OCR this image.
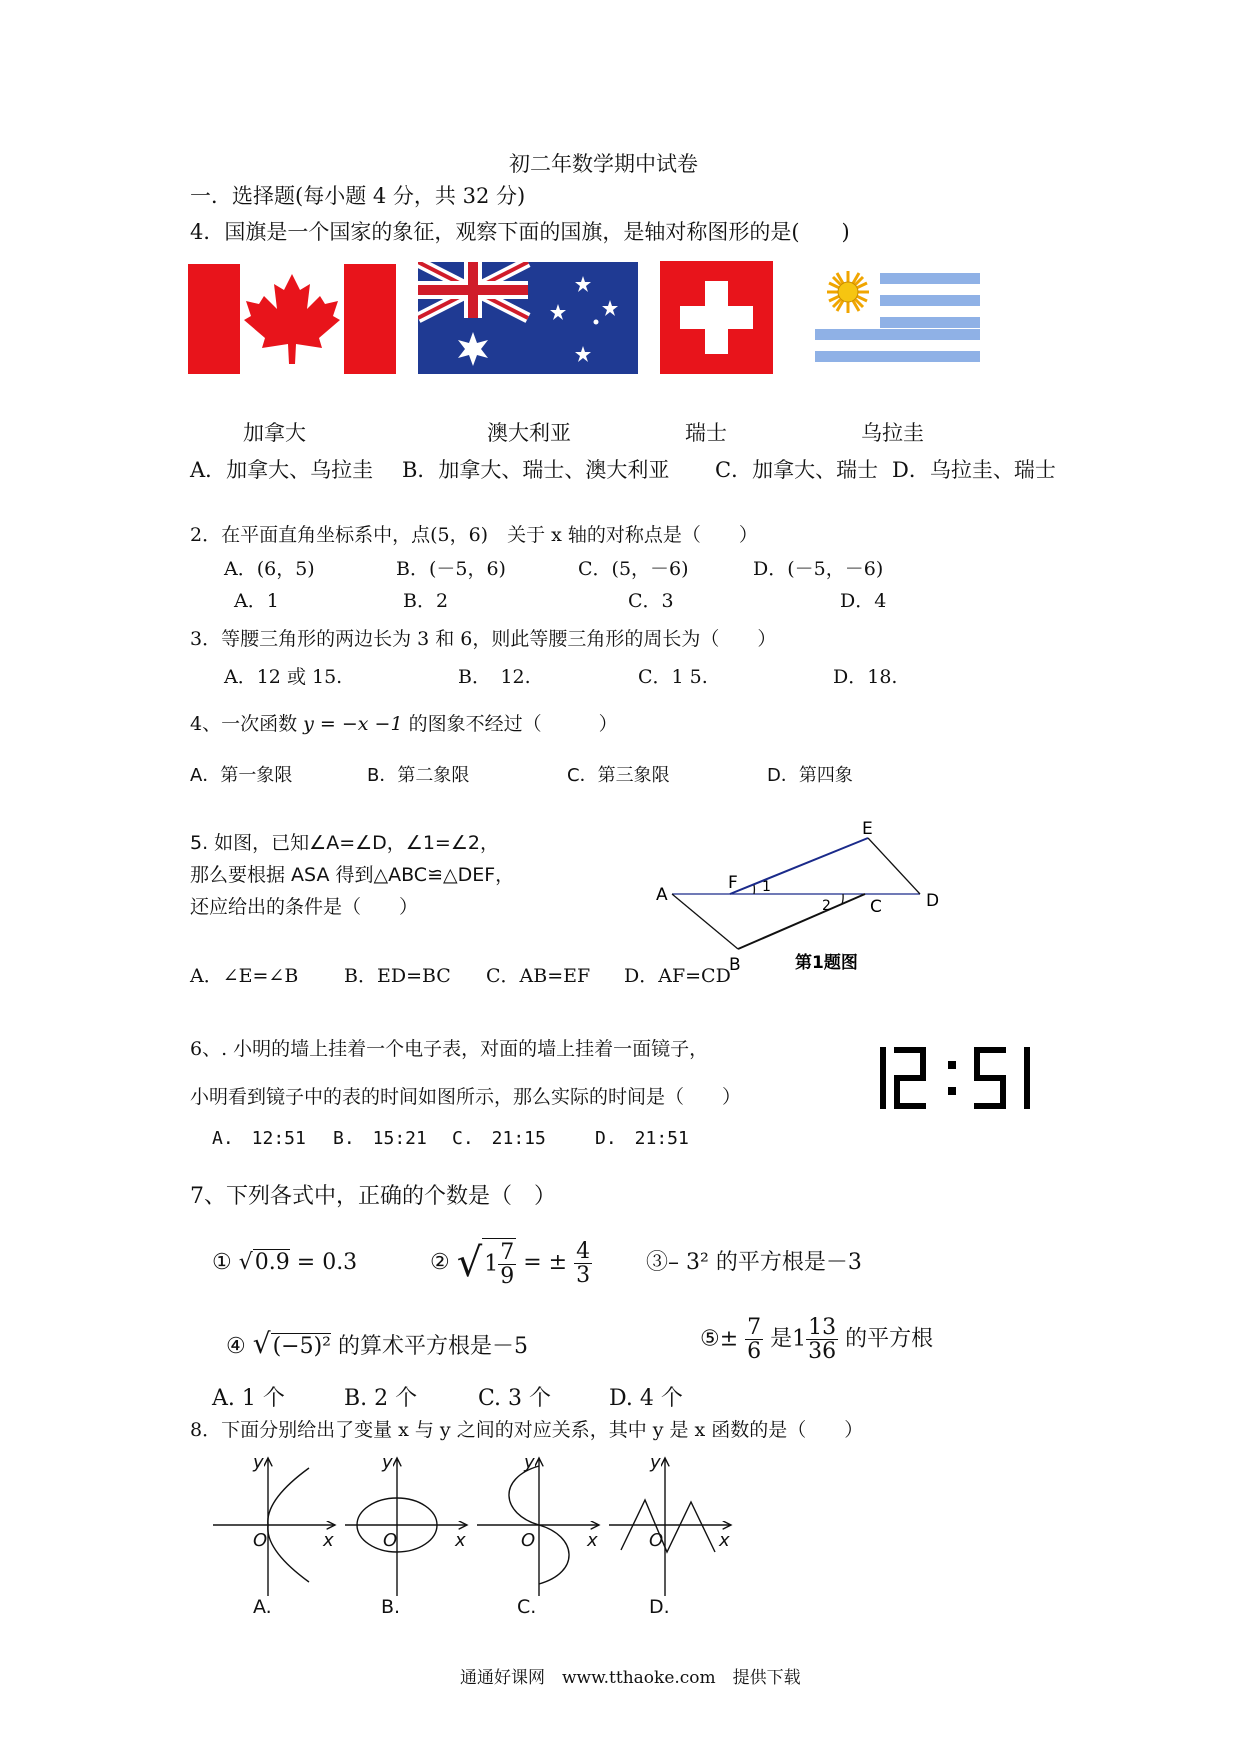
初二年数学期中试卷
一．选择题(每小题 4 分，共 32 分)
4．国旗是一个国家的象征，观察下面的国旗，是轴对称图形的是(　　)
加拿大	澳大利亚	瑞士	乌拉圭
A．加拿大、乌拉圭 B．加拿大、瑞士、澳大利亚 C．加拿大、瑞士 D．乌拉圭、瑞士
2．在平面直角坐标系中，点(5，6)　关于 x 轴的对称点是（　　）
A．(6，5)	B．(－5，6)	C．(5，－6)	D．(－5，－6)
A．1	B．2	C．3	D．4
3．等腰三角形的两边长为 3 和 6，则此等腰三角形的周长为（　　）
A．12 或 15.	B．　12.	C．1 5.	D．18.
4、一次函数 y = −x −1 的图象不经过（　　　）
A．第一象限	B．第二象限	C．第三象限	D．第四象
5. 如图，已知∠A=∠D，∠1=∠2，
那么要根据 ASA 得到△ABC≌△DEF，
还应给出的条件是（　　）
A
B
C	D
E
F 1
2
第1题图
A．∠E=∠B B．ED=BC C．AB=EF D．AF=CD
6、. 小明的墙上挂着一个电子表，对面的墙上挂着一面镜子，
小明看到镜子中的表的时间如图所示，那么实际的时间是（　　）
A.　12:51 B.　15:21 C.　21:15	D.　21:51
7、下列各式中，正确的个数是（　）
① √0.9 = 0.3	② $√1 \frac{7}{9}$ = ± $\frac{4}{3}$ ③– 3² 的平方根是－3
④ √(−5)² 的算术平方根是－5	⑤± $\frac{7}{6}$ 是$1 \frac{13}{36}$ 的平方根
A. 1 个	B. 2 个	C. 3 个	D. 4 个
8．下面分别给出了变量 x 与 y 之间的对应关系，其中 y 是 x 函数的是（　　）
y
x
O
y
x
O
y
x
O
y
x
O
A.	B.	C.	D.
通通好课网　www.tthaoke.com　提供下载
